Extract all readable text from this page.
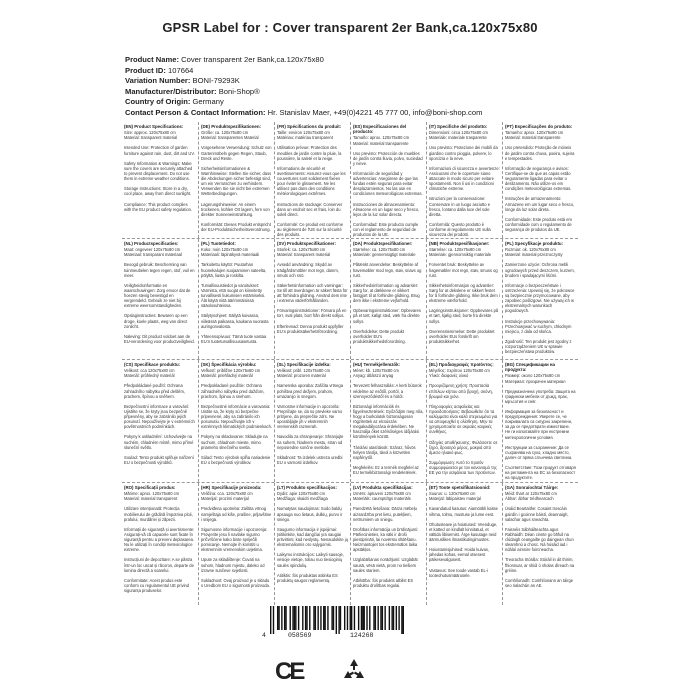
GPSR Label for : Cover transparent 2er Bank,ca.120x75x80
Product Name: Cover transparent 2er Bank,ca.120x75x80
Product ID: 107664
Variation Number: BONI-79293K
Manufacturer/Distributor: Boni-Shop®
Country of Origin: Germany
Contact Person & Contact Information: Hr. Stanislav Maer, +49(0)4221 45 777 00, info@boni-shop.com
(EN) Product Specifications:
Size: approx. 120x75x80 cm
Material: transparent material

Intended Use: Protection of garden furniture against rain, dust, dirt and UV.

Safety Information & Warnings: Make sure the covers are securely attached to prevent displacement. Do not use them in extreme weather conditions.

Storage Instructions: Store in a dry, cool place, away from direct sunlight.

Compliance: This product complies with the EU product safety regulation.
(DE) Produktspezifikationen:
Größe: ca. 120x75x80 cm
Material: transparentes Material

Vorgesehene Verwendung: Schutz von Gartenmöbeln gegen Regen, Staub, Dreck und Reste.

Sicherheitsinformationen & Warnhinweise: Stellen Sie sicher, dass die Abdeckungen sicher befestigt sind, um ein Verrutschen zu verhindern. Verwenden Sie sie nicht bei extremen Wetterbedingungen.

Lagerungshinweise: An einem trockenen, kühlen Ort lagern, fern von direkter Sonneneinstrahlung.

Konformität: Dieses Produkt entspricht der EU-Produktsicherheitsverordnung.
(FR) Spécifications du produit:
Taille: environ 120x75x80 cm
Matériau: matériau transparent

Utilisation prévue: Protection des meubles de jardin contre la pluie, la poussière, la saleté et la neige.

Informations de sécurité et avertissements: Assurez-vous que les couvertures sont solidement fixées pour éviter le glissement. Ne les utilisez pas dans des conditions météorologiques extrêmes.

Instructions de stockage: Conserver dans un endroit sec et frais, loin du soleil direct.

Conformité: Ce produit est conforme au règlement de l'UE sur la sécurité des produits.
(ES) Especificaciones del producto:
Tamaño: aprox. 120x75x80 cm
Material: material transparente

Uso previsto: Protección de muebles de jardín contra lluvia, polvo, suciedad y nieve.

Información de seguridad y advertencias: Asegúrese de que las fundas estén seguras para evitar desplazamientos. No las use en condiciones meteorológicas extremas.

Instrucciones de almacenamiento: Almacene en un lugar seco y fresco, lejos de la luz solar directa.

Conformidad: Este producto cumple con el reglamento de seguridad de productos de la UE.
(IT) Specifiche del prodotto:
Dimensioni: circa 120x75x80 cm
Materiale: materiale trasparente

Uso previsto: Protezione dei mobili da giardino contro pioggia, polvere, lo sporcizia e la neve.

Informazioni di sicurezza e avvertenze: Assicurarsi che le coperture siano attaccate in modo sicuro per evitare spostamenti. Non li usi in condizioni climatiche estreme.

Istruzioni per la conservazione: Conservare in un luogo asciutto e fresco, lontano dalla luce del sole diretta.

Conformità: Questo prodotto è conforme al regolamento UE sulla sicurezza dei prodotti.
(PT) Especificações do produto:
Tamanho: aprox. 120x75x80 cm
Material: material transparente

Uso pretendido: Proteção de móveis de jardim contra chuva, poeira, sujeira e tempestades.

Informação de segurança e avisos: Certifique-se de que as capas estão seguramente ligadas para evitar o deslizamento. Não utilize-os em condições meteorológicas extremas.

Instruções de armazenamento: Armazene em um lugar seco e fresco, longe da luz solar direta.

Conformidade: Este produto está em conformidade com o regulamento de segurança de produtos da UE.
(NL) Productspecificaties:
Maat: ongeveer 120x75x80 cm
Materiaal: transparant materiaal

Beoogd gebruik: Bescherming van tuinmeubelen tegen regen, stof, vuil en meer.

Veiligheidsinformatie en waarschuwingen: Zorg ervoor dat de hoezen stevig bevestigd en vergrendeld. Gebruik ze niet bij extreme weersomstandigheden.

Opslaginstructies: Bewaren op een droge, koele plaats, weg van direct zonlicht.

Naleving: Dit product voldoet aan de EU-verordening voor productveiligheid.
(PL) Tuotetiedot:
Koko: noin 120x75x80 cm
Materiaali: läpinäkyvä materiaali

Tarkoitettu käyttö: Puutarhan huonekalujen suojaaminen sateelta, pölyltä, liasta ja roskilta.

Turvallisuustiedot ja varoitukset: Varmista, että suojat on kiinnitetty turvallisesti liukumisen estämiseksi. Älä käytä niitä äärimmäisissä sääolosuhteissa.

Säilytysohjeet: Säilytä kuivassa, viileässä paikassa, kaukana suorasta auringonvalosta.

Yhteensopivuus: Tämä tuote vastaa EU:n tuoteturvallisuusasetusta.
(SV) Produktspecifikationer:
Storlek: ca. 120x75x80 cm
Material: transparent material

Avsedd användning: Skydd av trädgårdsmöbler mot regn, damm, smuts och snö.

Säkerhetsinformation och varningar: Se till att överdragen är säkert fästa för att förhindra glidning. Använd dem inte i extrema väderförhållanden.

Förvaringsinstruktioner: Förvara på en torr, sval plats, bort från direkt solljus.

Efterlevnad: Denna produkt uppfyller EU:s produktsäkerhetsförordning.
(DA) Produktspecifikationer:
Størrelse: ca. 120x75x80 cm
Materiale: gennemsigtigt materiale

Påtænkt anvendelse: Beskyttelse af havemøbler mod regn, støv, snavs og rust.

Sikkerhedsinformation og advarsler: Sørg for, at dækkene er sikkert fastgjort til at forhindre glidning. Brug dem ikke i ekstreme vejforhold.

Opbevaringsinstruktioner: Opbevares på et tørt, køligt sted, væk fra direkte sollys.

Overholdelse: Dette produkt overholder EU's produktsikkerhedsforordning.
(NB) Produktspesifikasjoner:
Størrelse: ca. 120x75x80 cm
Materiale: gjennomsiktig materiale

Forventet bruk: Beskyttelse av hagemøbler mot regn, støv, smuss og rust.

Sikkerhetsinformasjon og advarsler: Sørg for at dekslene er sikkert festet for å forhindre glidning. Ikke bruk dem i ekstreme værforhold.

Lagringsinstruksjoner: Oppbevares på et tørt, kjølig sted, borte fra direkte sollys.

Overensstemmelse: Dette produktet overholder EUs forskrift om produktsikkerhet.
(PL) Specyfikacje produktu:
Rozmiar: ok. 120x75x80 cm
Materiał: materiał przezroczysty

Zamierzone użycie: Ochrona mebli ogrodowych przed deszczem, kurzem, brudem i spadającymi liśćmi.

Informacje o bezpieczeństwie i ostrzeżenia: Upewnij się, że pokrowce są bezpiecznie przymocowane, aby zapobiec poślizgowi. Nie używaj ich w ekstremalnych warunkach pogodowych.

Instrukcje przechowywania: Przechowywać w suchym, chłodnym miejscu, z dala od słońca.

Zgodność: Ten produkt jest zgodny z rozporządzeniem UE w sprawie bezpieczeństwa produktów.
(CS) Specifikace produktu:
Velikost: cca 120x75x80 cm
Materiál: průhledný materiál

Předpokládané použití: Ochrana zahradního nábytku před deštěm, prachem, špínou a sněhem.

Bezpečnostní informace a varování: Ujistěte se, že kryty jsou bezpečně připevněny, aby se zabránilo jejich posunutí. Nepoužívejte je v extrémních povětrnostních podmínkách.

Pokyny k uskladnění: Uchovávejte na suchém, chladném místě, mimo přímé sluneční světlo.

Soulad: Tento produkt splňuje nařízení EU o bezpečnosti výrobků.
(SK) Špecifikácia výrobku:
Veľkosť: približne 120x75x80 cm
Materiál: priehľadný materiál

Predpokladané použitie: Ochrana záhradného nábytku pred dažďom, prachom, špinou a snehom.

Bezpečnostné informácie a varovania: Uistite sa, že kryty sú bezpečne pripevnené, aby sa zabránilo ich posunutiu. Nepoužívajte ich v extrémnych klimatických podmienkach.

Pokyny na skladovanie: Skladujte na suchom, chladnom mieste, mimo priameho slnečného svetla.

Súlad: Tento výrobok spĺňa nariadenie EÚ o bezpečnosti výrobkov.
(SL) Specifikacije izdelka:
Velikost: pribl. 120x75x80 cm
Material: prozoren material

Namenska uporaba: Zaščita vrtnega pohištva pred dežjem, prahom, umazanijo in snegom.

Varnostne informacije in opozorila: Prepričajte se, da so prevleke varno pritrjene, da preprečite zdrs. Ne uporabljajte jih v ekstremnih vremenskih razmerah.

Navodila za shranjevanje: Shranjujte na suhem, hladnem mestu, stran od neposredne sončne svetlobe.

Skladnost: Ta izdelek ustreza uredbi EU o varnosti izdelkov.
(HU) Termékjellemzők:
Méret: kb. 120x75x80 cm
Anyag: átlátszó anyag

Tervezett felhasználás: A kerti bútorok védelme az esőtől, portól, a szennyeződéstől és a hótól.

Biztonsági információk és figyelmeztetések: Győződjön meg róla, hogy a burkolatok biztonságosan rögzítettek az elcsúszás megakadályozása érdekében. Ne használja őket szélsőséges időjárási körülmények között.

Tárolási utasítások: Száraz, hűvös helyen tárolja, távol a közvetlen napfénytől.

Megfelelés: Ez a termék megfelel az EU termékbiztonsági rendeletének.
(EL) Προδιαγραφές προϊόντος:
Μέγεθος: περίπου 120x75x80 cm
Υλικό: διαφανές υλικό

Προοριζόμενη χρήση: Προστασία επίπλων κήπου από βροχή, σκόνη, βρωμιά και χιόνι.

Πληροφορίες ασφαλείας και προειδοποιήσεις: Βεβαιωθείτε ότι τα καλύμματα είναι καλά στερεωμένα για να αποφευχθεί η ολίσθηση. Μην τα χρησιμοποιείτε σε ακραίες καιρικές συνθήκες.

Οδηγίες αποθήκευσης: Φυλάσσετε σε ξηρό, δροσερό μέρος, μακριά από άμεσο ηλιακό φως.

Συμμόρφωση: Αυτό το προϊόν συμμορφώνεται με τον κανονισμό της ΕΕ για την ασφάλεια των προϊόντων.
(BG) Спецификации на продукта:
Размер: около 120x75x80 cm
Материал: прозрачен материал

Предназначена употреба: Защита на градински мебели от дъжд, прах, мръсотия и сняг.

Информация за безопасност и предупреждения: Уверете се, че покривалата са сигурно закрепени, за да се предотврати изместване. Не ги използвайте при екстремни метеорологични условия.

Инструкции за съхранение: Да се съхранява на сухо, хладно място, далеч от пряка слънчева светлина.

Съответствие: Този продукт отговаря на регламента на ЕС за безопасност на продуктите.
(RO) Specificații produs:
Mărime: aprox. 120x75x80 cm
Material: material transparent

Utilizare intenționată: Protecția mobilierului de grădină împotriva ploii, prafului, murdăriei și zăpezii.

Informații de siguranță și avertismente: Asigurați-vă că capacele sunt fixate în siguranță pentru a preveni deplasarea. Nu le utilizați în condiții meteorologice extreme.

Instrucțiuni de depozitare: A se păstra într-un loc uscat și răcoros, departe de lumina directă a soarelui.

Conformitate: Acest produs este conform cu regulamentul UE privind siguranța produselor.
(HR) Specifikacije proizvoda:
Veličina: cca. 120x75x80 cm
Materijal: prozirni materijal

Predviđena upotreba: Zaštita vrtnog namještaja od kiše, prašine, prljavštine i snijega.

Sigurnosne informacije i upozorenja: Provjerite jesu li navlake sigurno pričvršćene kako biste spriječili pomicanje. Nemojte ih koristiti u ekstremnim vremenskim uvjetima.

Upute za skladištenje: Čuvati na suhom, hladnom mjestu, daleko od izravne sunčeve svjetlosti.

Sukladnost: Ovaj proizvod je u skladu s Uredbom EU o sigurnosti proizvoda.
(LT) Produkto specifikacijos:
Dydis: apie 120x75x80 cm
Medžiaga: skaidri medžiaga

Numatytas naudojimas: Sodo baldų apsauga nuo lietaus, dulkių, purvo ir sniego.

Saugumo informacija ir įspėjimai: Įsitikinkite, kad dangčiai yra saugiai pritvirtinti, kad neslystų. Nenaudokite jų ekstremaliomis oro sąlygomis.

Laikymo instrukcijos: Laikyti sausoje, vėsioje vietoje, toliau nuo tiesioginių saulės spindulių.

Atitiktis: Šis produktas atitinka ES produktų saugos reglamentą.
(LV) Produkta specifikācijas:
Izmērs: aptuveni 120x75x80 cm
Materiāls: caurspīdīgs materiāls

Paredzētā lietošana: Dārza mēbeļu aizsardzība pret lietu, putekļiem, netīrumiem un sniegu.

Drošības informācija un brīdinājumi: Pārliecinieties, ka vāki ir droši piestiprināti, lai novērstu slīdēšanu. Neizmantojiet tos ekstremālos laika apstākļos.

Uzglabāšanas norādījumi: Uzglabāt sausā, vēsā vietā, prom no tiešiem saules stariem.

Atbilstība: Šis produkts atbilst ES produktu drošības regulai.
(ET) Toote spetsifikatsioonid:
Suurus: u. 120x75x80 cm
Materjal: läbipaistev materjal

Kavandatud kasutus: Aiamööbli kaitse vihma, tolmu, mustuse ja lume eest.

Ohutusteave ja hoiatused: Veenduge, et katted on kindlalt kinnitatud, et vältida libisemist. Ärge kasutage neid äärmuslikes ilmastikutingimustes.

Hoiustamisjuhised: Hoida kuivas, jahedas kohas, eemal otsesest päikesevalgusest.

Vastavus: See toode vastab EL-i tooteohutusmäärusele.
(GA) Sonraíochtaí Táirge:
Méid: thart ar 120x75x80 cm
Ábhar: ábhar trédhearcach

Úsáid Beartaithe: Cosaint troscáin gairdín i gcoinne báistí, deannaigh, salachar agus sneachta.

Faisnéis Sábháilteachta agus Rabhaidh: Déan cinnte go bhfuil na clúdaigh ceangailte go daingean chun sleamhnú a chosc. Ná húsáid iad i ndálaí aimsire foircneacha.

Treoracha Stórála: Stóráil in áit thirim, fhionnuar, ar shiúl ó sholas díreach na gréine.

Comhlíonadh: Comhlíonann an táirge seo rialachán an AE.
4	058569	124268
CE
